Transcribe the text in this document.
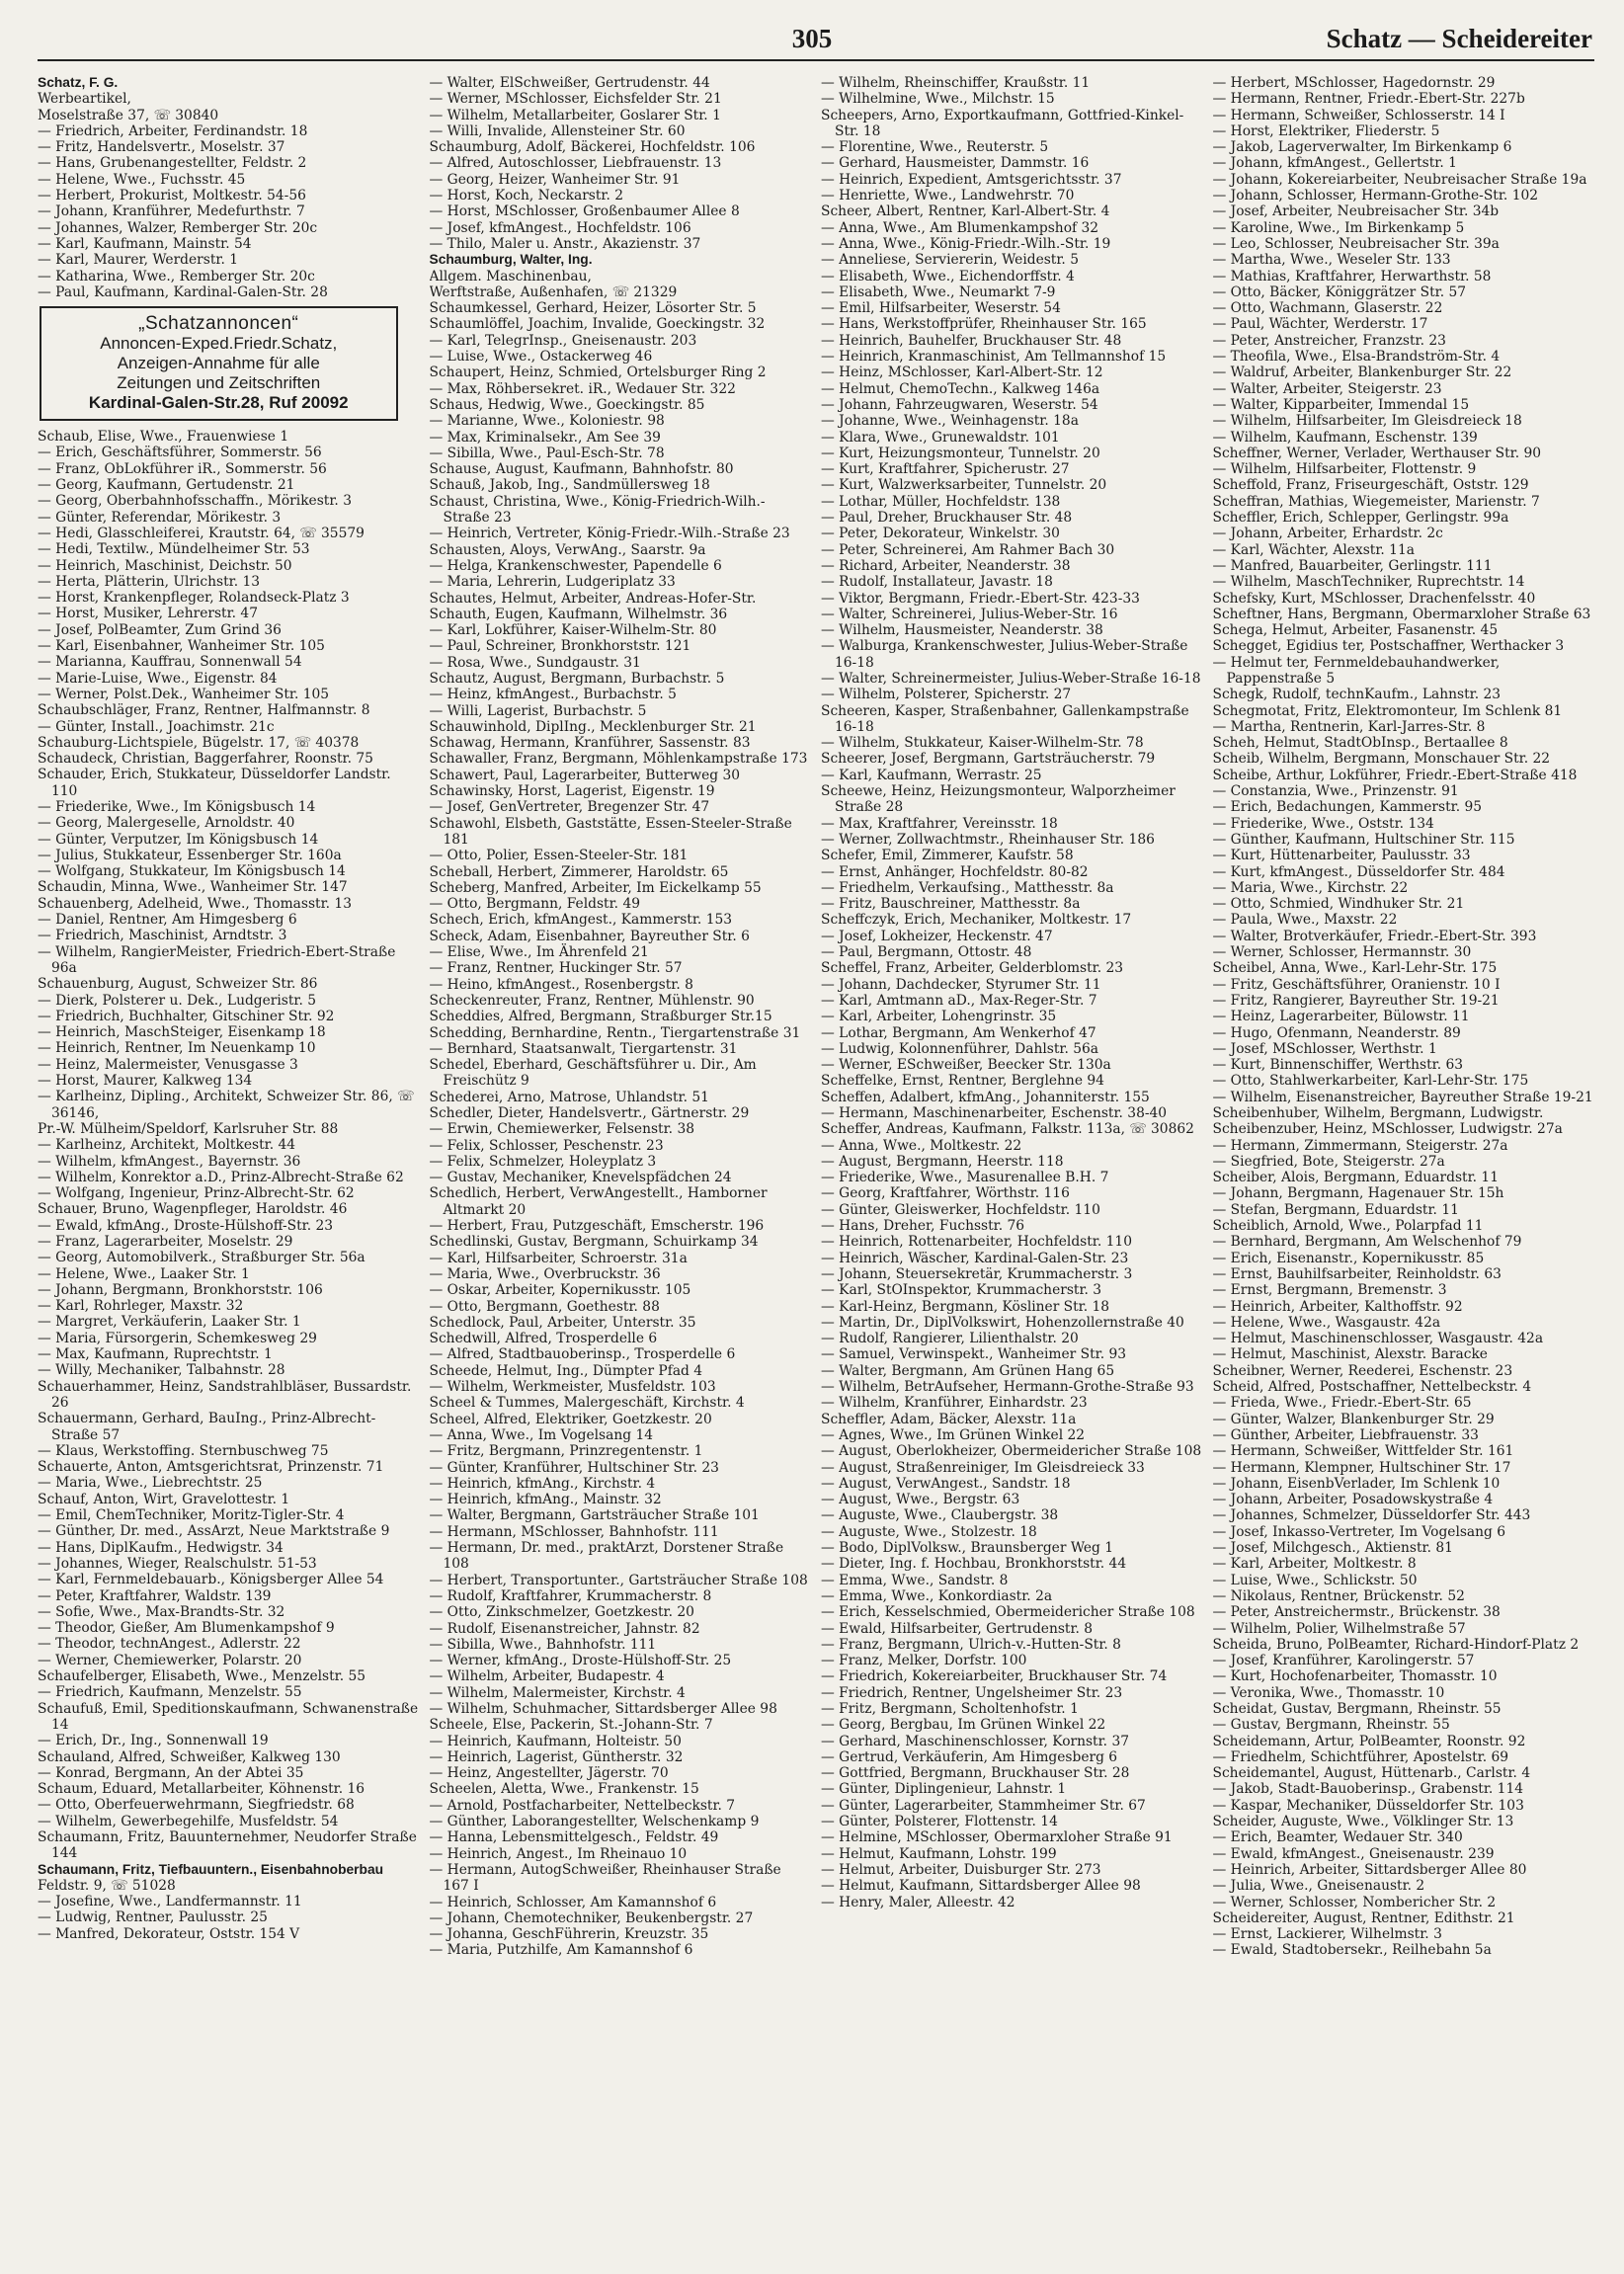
305	Schatz — Scheidereiter
Schatz, F. G.
Werbeartikel,
Moselstraße 37, ☏ 30840
— Friedrich, Arbeiter, Ferdinandstr. 18
— Fritz, Handelsvertr., Moselstr. 37
— Hans, Grubenangestellter, Feldstr. 2
— Helene, Wwe., Fuchsstr. 45
— Herbert, Prokurist, Moltkestr. 54-56
— Johann, Kranführer, Medefurthstr. 7
— Johannes, Walzer, Remberger Str. 20c
— Karl, Kaufmann, Mainstr. 54
— Karl, Maurer, Werderstr. 1
— Katharina, Wwe., Remberger Str. 20c
— Paul, Kaufmann, Kardinal-Galen-Str. 28
„Schatzannoncen“
Annoncen-Exped.Friedr.Schatz,
Anzeigen-Annahme für alle
Zeitungen und Zeitschriften
Kardinal-Galen-Str.28, Ruf 20092
Schaub, Elise, Wwe., Frauenwiese 1
— Erich, Geschäftsführer, Sommerstr. 56
— Franz, ObLokführer iR., Sommerstr. 56
— Georg, Kaufmann, Gertudenstr. 21
— Georg, Oberbahnhofsschaffn., Mörikestr. 3
— Günter, Referendar, Mörikestr. 3
— Hedi, Glasschleiferei, Krautstr. 64, ☏ 35579
— Hedi, Textilw., Mündelheimer Str. 53
— Heinrich, Maschinist, Deichstr. 50
— Herta, Plätterin, Ulrichstr. 13
— Horst, Krankenpfleger, Rolandseck-Platz 3
— Horst, Musiker, Lehrerstr. 47
— Josef, PolBeamter, Zum Grind 36
— Karl, Eisenbahner, Wanheimer Str. 105
— Marianna, Kauffrau, Sonnenwall 54
— Marie-Luise, Wwe., Eigenstr. 84
— Werner, Polst.Dek., Wanheimer Str. 105
Schaubschläger, Franz, Rentner, Halfmannstr. 8
— Günter, Install., Joachimstr. 21c
Schauburg-Lichtspiele, Bügelstr. 17, ☏ 40378
Schaudeck, Christian, Baggerfahrer, Roonstr. 75
Schauder, Erich, Stukkateur, Düsseldorfer Landstr. 110
— Friederike, Wwe., Im Königsbusch 14
— Georg, Malergeselle, Arnoldstr. 40
— Günter, Verputzer, Im Königsbusch 14
— Julius, Stukkateur, Essenberger Str. 160a
— Wolfgang, Stukkateur, Im Königsbusch 14
Schaudin, Minna, Wwe., Wanheimer Str. 147
Schauenberg, Adelheid, Wwe., Thomasstr. 13
— Daniel, Rentner, Am Himgesberg 6
— Friedrich, Maschinist, Arndtstr. 3
— Wilhelm, RangierMeister, Friedrich-Ebert-Straße 96a
Schauenburg, August, Schweizer Str. 86
— Dierk, Polsterer u. Dek., Ludgeristr. 5
— Friedrich, Buchhalter, Gitschiner Str. 92
— Heinrich, MaschSteiger, Eisenkamp 18
— Heinrich, Rentner, Im Neuenkamp 10
— Heinz, Malermeister, Venusgasse 3
— Horst, Maurer, Kalkweg 134
— Karlheinz, Dipling., Architekt, Schweizer Str. 86, ☏ 36146,
Pr.-W. Mülheim/Speldorf, Karlsruher Str. 88
— Karlheinz, Architekt, Moltkestr. 44
— Wilhelm, kfmAngest., Bayernstr. 36
— Wilhelm, Konrektor a.D., Prinz-Albrecht-Straße 62
— Wolfgang, Ingenieur, Prinz-Albrecht-Str. 62
Schauer, Bruno, Wagenpfleger, Haroldstr. 46
— Ewald, kfmAng., Droste-Hülshoff-Str. 23
— Franz, Lagerarbeiter, Moselstr. 29
— Georg, Automobilverk., Straßburger Str. 56a
— Helene, Wwe., Laaker Str. 1
— Johann, Bergmann, Bronkhorststr. 106
— Karl, Rohrleger, Maxstr. 32
— Margret, Verkäuferin, Laaker Str. 1
— Maria, Fürsorgerin, Schemkesweg 29
— Max, Kaufmann, Ruprechtstr. 1
— Willy, Mechaniker, Talbahnstr. 28
Schauerhammer, Heinz, Sandstrahlbläser, Bussardstr. 26
Schauermann, Gerhard, BauIng., Prinz-Albrecht-Straße 57
— Klaus, Werkstoffing. Sternbuschweg 75
Schauerte, Anton, Amtsgerichtsrat, Prinzenstr. 71
— Maria, Wwe., Liebrechtstr. 25
Schauf, Anton, Wirt, Gravelottestr. 1
— Emil, ChemTechniker, Moritz-Tigler-Str. 4
— Günther, Dr. med., AssArzt, Neue Marktstraße 9
— Hans, DiplKaufm., Hedwigstr. 34
— Johannes, Wieger, Realschulstr. 51-53
— Karl, Fernmeldebauarb., Königsberger Allee 54
— Peter, Kraftfahrer, Waldstr. 139
— Sofie, Wwe., Max-Brandts-Str. 32
— Theodor, Gießer, Am Blumenkampshof 9
— Theodor, technAngest., Adlerstr. 22
— Werner, Chemiewerker, Polarstr. 20
Schaufelberger, Elisabeth, Wwe., Menzelstr. 55
— Friedrich, Kaufmann, Menzelstr. 55
Schaufuß, Emil, Speditionskaufmann, Schwanenstraße 14
— Erich, Dr., Ing., Sonnenwall 19
Schauland, Alfred, Schweißer, Kalkweg 130
— Konrad, Bergmann, An der Abtei 35
Schaum, Eduard, Metallarbeiter, Köhnenstr. 16
— Otto, Oberfeuerwehrmann, Siegfriedstr. 68
— Wilhelm, Gewerbegehilfe, Musfeldstr. 54
Schaumann, Fritz, Bauunternehmer, Neudorfer Straße 144
Schaumann, Fritz, Tiefbauuntern., Eisenbahnoberbau
Feldstr. 9, ☏ 51028
— Josefine, Wwe., Landfermannstr. 11
— Ludwig, Rentner, Paulusstr. 25
— Manfred, Dekorateur, Oststr. 154 V
— Walter, ElSchweißer, Gertrudenstr. 44
— Werner, MSchlosser, Eichsfelder Str. 21
— Wilhelm, Metallarbeiter, Goslarer Str. 1
— Willi, Invalide, Allensteiner Str. 60
Schaumburg, Adolf, Bäckerei, Hochfeldstr. 106
— Alfred, Autoschlosser, Liebfrauenstr. 13
— Georg, Heizer, Wanheimer Str. 91
— Horst, Koch, Neckarstr. 2
— Horst, MSchlosser, Großenbaumer Allee 8
— Josef, kfmAngest., Hochfeldstr. 106
— Thilo, Maler u. Anstr., Akazienstr. 37
Schaumburg, Walter, Ing.
Allgem. Maschinenbau,
Werftstraße, Außenhafen, ☏ 21329
Schaumkessel, Gerhard, Heizer, Lösorter Str. 5
Schaumlöffel, Joachim, Invalide, Goeckingstr. 32
— Karl, TelegrInsp., Gneisenaustr. 203
— Luise, Wwe., Ostackerweg 46
Schaupert, Heinz, Schmied, Ortelsburger Ring 2
— Max, Röhbersekret. iR., Wedauer Str. 322
Schaus, Hedwig, Wwe., Goeckingstr. 85
— Marianne, Wwe., Koloniestr. 98
— Max, Kriminalsekr., Am See 39
— Sibilla, Wwe., Paul-Esch-Str. 78
Schause, August, Kaufmann, Bahnhofstr. 80
Schauß, Jakob, Ing., Sandmüllersweg 18
Schaust, Christina, Wwe., König-Friedrich-Wilh.-Straße 23
— Heinrich, Vertreter, König-Friedr.-Wilh.-Straße 23
Schausten, Aloys, VerwAng., Saarstr. 9a
— Helga, Krankenschwester, Papendelle 6
— Maria, Lehrerin, Ludgeriplatz 33
Schautes, Helmut, Arbeiter, Andreas-Hofer-Str.
Schauth, Eugen, Kaufmann, Wilhelmstr. 36
— Karl, Lokführer, Kaiser-Wilhelm-Str. 80
— Paul, Schreiner, Bronkhorststr. 121
— Rosa, Wwe., Sundgaustr. 31
Schautz, August, Bergmann, Burbachstr. 5
— Heinz, kfmAngest., Burbachstr. 5
— Willi, Lagerist, Burbachstr. 5
Schauwinhold, DiplIng., Mecklenburger Str. 21
Schawag, Hermann, Kranführer, Sassenstr. 83
Schawaller, Franz, Bergmann, Möhlenkampstraße 173
Schawert, Paul, Lagerarbeiter, Butterweg 30
Schawinsky, Horst, Lagerist, Eigenstr. 19
— Josef, GenVertreter, Bregenzer Str. 47
Schawohl, Elsbeth, Gaststätte, Essen-Steeler-Straße 181
— Otto, Polier, Essen-Steeler-Str. 181
Scheball, Herbert, Zimmerer, Haroldstr. 65
Scheberg, Manfred, Arbeiter, Im Eickelkamp 55
— Otto, Bergmann, Feldstr. 49
Schech, Erich, kfmAngest., Kammerstr. 153
Scheck, Adam, Eisenbahner, Bayreuther Str. 6
— Elise, Wwe., Im Ährenfeld 21
— Franz, Rentner, Huckinger Str. 57
— Heino, kfmAngest., Rosenbergstr. 8
Scheckenreuter, Franz, Rentner, Mühlenstr. 90
Scheddies, Alfred, Bergmann, Straßburger Str.15
Schedding, Bernhardine, Rentn., Tiergartenstraße 31
— Bernhard, Staatsanwalt, Tiergartenstr. 31
Schedel, Eberhard, Geschäftsführer u. Dir., Am Freischütz 9
Schederei, Arno, Matrose, Uhlandstr. 51
Schedler, Dieter, Handelsvertr., Gärtnerstr. 29
— Erwin, Chemiewerker, Felsenstr. 38
— Felix, Schlosser, Peschenstr. 23
— Felix, Schmelzer, Holeyplatz 3
— Gustav, Mechaniker, Knevelspfädchen 24
Schedlich, Herbert, VerwAngestellt., Hamborner Altmarkt 20
— Herbert, Frau, Putzgeschäft, Emscherstr. 196
Schedlinski, Gustav, Bergmann, Schuirkamp 34
— Karl, Hilfsarbeiter, Schroerstr. 31a
— Maria, Wwe., Overbruckstr. 36
— Oskar, Arbeiter, Kopernikusstr. 105
— Otto, Bergmann, Goethestr. 88
Schedlock, Paul, Arbeiter, Unterstr. 35
Schedwill, Alfred, Trosperdelle 6
— Alfred, Stadtbauoberinsp., Trosperdelle 6
Scheede, Helmut, Ing., Dümpter Pfad 4
— Wilhelm, Werkmeister, Musfeldstr. 103
Scheel & Tummes, Malergeschäft, Kirchstr. 4
Scheel, Alfred, Elektriker, Goetzkestr. 20
— Anna, Wwe., Im Vogelsang 14
— Fritz, Bergmann, Prinzregentenstr. 1
— Günter, Kranführer, Hultschiner Str. 23
— Heinrich, kfmAng., Kirchstr. 4
— Heinrich, kfmAng., Mainstr. 32
— Walter, Bergmann, Gartsträucher Straße 101
— Hermann, MSchlosser, Bahnhofstr. 111
— Hermann, Dr. med., praktArzt, Dorstener Straße 108
— Herbert, Transportunter., Gartsträucher Straße 108
— Rudolf, Kraftfahrer, Krummacherstr. 8
— Otto, Zinkschmelzer, Goetzkestr. 20
— Rudolf, Eisenanstreicher, Jahnstr. 82
— Sibilla, Wwe., Bahnhofstr. 111
— Werner, kfmAng., Droste-Hülshoff-Str. 25
— Wilhelm, Arbeiter, Budapestr. 4
— Wilhelm, Malermeister, Kirchstr. 4
— Wilhelm, Schuhmacher, Sittardsberger Allee 98
Scheele, Else, Packerin, St.-Johann-Str. 7
— Heinrich, Kaufmann, Holteistr. 50
— Heinrich, Lagerist, Güntherstr. 32
— Heinz, Angestellter, Jägerstr. 70
Scheelen, Aletta, Wwe., Frankenstr. 15
— Arnold, Postfacharbeiter, Nettelbeckstr. 7
— Günther, Laborangestellter, Welschenkamp 9
— Hanna, Lebensmittelgesch., Feldstr. 49
— Heinrich, Angest., Im Rheinauo 10
— Hermann, AutogSchweißer, Rheinhauser Straße 167 I
— Heinrich, Schlosser, Am Kamannshof 6
— Johann, Chemotechniker, Beukenbergstr. 27
— Johanna, GeschFührerin, Kreuzstr. 35
— Maria, Putzhilfe, Am Kamannshof 6
— Wilhelm, Rheinschiffer, Kraußstr. 11
— Wilhelmine, Wwe., Milchstr. 15
Scheepers, Arno, Exportkaufmann, Gottfried-Kinkel-Str. 18
— Florentine, Wwe., Reuterstr. 5
— Gerhard, Hausmeister, Dammstr. 16
— Heinrich, Expedient, Amtsgerichtsstr. 37
— Henriette, Wwe., Landwehrstr. 70
Scheer, Albert, Rentner, Karl-Albert-Str. 4
— Anna, Wwe., Am Blumenkampshof 32
— Anna, Wwe., König-Friedr.-Wilh.-Str. 19
— Anneliese, Serviererin, Weidestr. 5
— Elisabeth, Wwe., Eichendorffstr. 4
— Elisabeth, Wwe., Neumarkt 7-9
— Emil, Hilfsarbeiter, Weserstr. 54
— Hans, Werkstoffprüfer, Rheinhauser Str. 165
— Heinrich, Bauhelfer, Bruckhauser Str. 48
— Heinrich, Kranmaschinist, Am Tellmannshof 15
— Heinz, MSchlosser, Karl-Albert-Str. 12
— Helmut, ChemoTechn., Kalkweg 146a
— Johann, Fahrzeugwaren, Weserstr. 54
— Johanne, Wwe., Weinhagenstr. 18a
— Klara, Wwe., Grunewaldstr. 101
— Kurt, Heizungsmonteur, Tunnelstr. 20
— Kurt, Kraftfahrer, Spicherustr. 27
— Kurt, Walzwerksarbeiter, Tunnelstr. 20
— Lothar, Müller, Hochfeldstr. 138
— Paul, Dreher, Bruckhauser Str. 48
— Peter, Dekorateur, Winkelstr. 30
— Peter, Schreinerei, Am Rahmer Bach 30
— Richard, Arbeiter, Neanderstr. 38
— Rudolf, Installateur, Javastr. 18
— Viktor, Bergmann, Friedr.-Ebert-Str. 423-33
— Walter, Schreinerei, Julius-Weber-Str. 16
— Wilhelm, Hausmeister, Neanderstr. 38
— Walburga, Krankenschwester, Julius-Weber-Straße 16-18
— Walter, Schreinermeister, Julius-Weber-Straße 16-18
— Wilhelm, Polsterer, Spicherstr. 27
Scheeren, Kasper, Straßenbahner, Gallenkampstraße 16-18
— Wilhelm, Stukkateur, Kaiser-Wilhelm-Str. 78
Scheerer, Josef, Bergmann, Gartsträucherstr. 79
— Karl, Kaufmann, Werrastr. 25
Scheewe, Heinz, Heizungsmonteur, Walporzheimer Straße 28
— Max, Kraftfahrer, Vereinsstr. 18
— Werner, Zollwachtmstr., Rheinhauser Str. 186
Schefer, Emil, Zimmerer, Kaufstr. 58
— Ernst, Anhänger, Hochfeldstr. 80-82
— Friedhelm, Verkaufsing., Matthesstr. 8a
— Fritz, Bauschreiner, Matthesstr. 8a
Scheffczyk, Erich, Mechaniker, Moltkestr. 17
— Josef, Lokheizer, Heckenstr. 47
— Paul, Bergmann, Ottostr. 48
Scheffel, Franz, Arbeiter, Gelderblomstr. 23
— Johann, Dachdecker, Styrumer Str. 11
— Karl, Amtmann aD., Max-Reger-Str. 7
— Karl, Arbeiter, Lohengrinstr. 35
— Lothar, Bergmann, Am Wenkerhof 47
— Ludwig, Kolonnenführer, Dahlstr. 56a
— Werner, ESchweißer, Beecker Str. 130a
Scheffelke, Ernst, Rentner, Berglehne 94
Scheffen, Adalbert, kfmAng., Johanniterstr. 155
— Hermann, Maschinenarbeiter, Eschenstr. 38-40
Scheffer, Andreas, Kaufmann, Falkstr. 113a, ☏ 30862
— Anna, Wwe., Moltkestr. 22
— August, Bergmann, Heerstr. 118
— Friederike, Wwe., Masurenallee B.H. 7
— Georg, Kraftfahrer, Wörthstr. 116
— Günter, Gleiswerker, Hochfeldstr. 110
— Hans, Dreher, Fuchsstr. 76
— Heinrich, Rottenarbeiter, Hochfeldstr. 110
— Heinrich, Wäscher, Kardinal-Galen-Str. 23
— Johann, Steuersekretär, Krummacherstr. 3
— Karl, StOInspektor, Krummacherstr. 3
— Karl-Heinz, Bergmann, Kösliner Str. 18
— Martin, Dr., DiplVolkswirt, Hohenzollernstraße 40
— Rudolf, Rangierer, Lilienthalstr. 20
— Samuel, Verwinspekt., Wanheimer Str. 93
— Walter, Bergmann, Am Grünen Hang 65
— Wilhelm, BetrAufseher, Hermann-Grothe-Straße 93
— Wilhelm, Kranführer, Einhardstr. 23
Scheffler, Adam, Bäcker, Alexstr. 11a
— Agnes, Wwe., Im Grünen Winkel 22
— August, Oberlokheizer, Obermeidericher Straße 108
— August, Straßenreiniger, Im Gleisdreieck 33
— August, VerwAngest., Sandstr. 18
— August, Wwe., Bergstr. 63
— Auguste, Wwe., Claubergstr. 38
— Auguste, Wwe., Stolzestr. 18
— Bodo, DiplVolksw., Braunsberger Weg 1
— Dieter, Ing. f. Hochbau, Bronkhorststr. 44
— Emma, Wwe., Sandstr. 8
— Emma, Wwe., Konkordiastr. 2a
— Erich, Kesselschmied, Obermeidericher Straße 108
— Ewald, Hilfsarbeiter, Gertrudenstr. 8
— Franz, Bergmann, Ulrich-v.-Hutten-Str. 8
— Franz, Melker, Dorfstr. 100
— Friedrich, Kokereiarbeiter, Bruckhauser Str. 74
— Friedrich, Rentner, Ungelsheimer Str. 23
— Fritz, Bergmann, Scholtenhofstr. 1
— Georg, Bergbau, Im Grünen Winkel 22
— Gerhard, Maschinenschlosser, Kornstr. 37
— Gertrud, Verkäuferin, Am Himgesberg 6
— Gottfried, Bergmann, Bruckhauser Str. 28
— Günter, Diplingenieur, Lahnstr. 1
— Günter, Lagerarbeiter, Stammheimer Str. 67
— Günter, Polsterer, Flottenstr. 14
— Helmine, MSchlosser, Obermarxloher Straße 91
— Helmut, Kaufmann, Lohstr. 199
— Helmut, Arbeiter, Duisburger Str. 273
— Helmut, Kaufmann, Sittardsberger Allee 98
— Henry, Maler, Alleestr. 42
— Herbert, MSchlosser, Hagedornstr. 29
— Hermann, Rentner, Friedr.-Ebert-Str. 227b
— Hermann, Schweißer, Schlosserstr. 14 I
— Horst, Elektriker, Fliederstr. 5
— Jakob, Lagerverwalter, Im Birkenkamp 6
— Johann, kfmAngest., Gellertstr. 1
— Johann, Kokereiarbeiter, Neubreisacher Straße 19a
— Johann, Schlosser, Hermann-Grothe-Str. 102
— Josef, Arbeiter, Neubreisacher Str. 34b
— Karoline, Wwe., Im Birkenkamp 5
— Leo, Schlosser, Neubreisacher Str. 39a
— Martha, Wwe., Weseler Str. 133
— Mathias, Kraftfahrer, Herwarthstr. 58
— Otto, Bäcker, Königgrätzer Str. 57
— Otto, Wachmann, Glaserstr. 22
— Paul, Wächter, Werderstr. 17
— Peter, Anstreicher, Franzstr. 23
— Theofila, Wwe., Elsa-Brandström-Str. 4
— Waldruf, Arbeiter, Blankenburger Str. 22
— Walter, Arbeiter, Steigerstr. 23
— Walter, Kipparbeiter, Immendal 15
— Wilhelm, Hilfsarbeiter, Im Gleisdreieck 18
— Wilhelm, Kaufmann, Eschenstr. 139
Scheffner, Werner, Verlader, Werthauser Str. 90
— Wilhelm, Hilfsarbeiter, Flottenstr. 9
Scheffold, Franz, Friseurgeschäft, Oststr. 129
Scheffran, Mathias, Wiegemeister, Marienstr. 7
Scheffler, Erich, Schlepper, Gerlingstr. 99a
— Johann, Arbeiter, Erhardstr. 2c
— Karl, Wächter, Alexstr. 11a
— Manfred, Bauarbeiter, Gerlingstr. 111
— Wilhelm, MaschTechniker, Ruprechtstr. 14
Schefsky, Kurt, MSchlosser, Drachenfelsstr. 40
Scheftner, Hans, Bergmann, Obermarxloher Straße 63
Schega, Helmut, Arbeiter, Fasanenstr. 45
Schegget, Egidius ter, Postschaffner, Werthacker 3
— Helmut ter, Fernmeldebauhandwerker, Pappenstraße 5
Schegk, Rudolf, technKaufm., Lahnstr. 23
Schegmotat, Fritz, Elektromonteur, Im Schlenk 81
— Martha, Rentnerin, Karl-Jarres-Str. 8
Scheh, Helmut, StadtObInsp., Bertaallee 8
Scheib, Wilhelm, Bergmann, Monschauer Str. 22
Scheibe, Arthur, Lokführer, Friedr.-Ebert-Straße 418
— Constanzia, Wwe., Prinzenstr. 91
— Erich, Bedachungen, Kammerstr. 95
— Friederike, Wwe., Oststr. 134
— Günther, Kaufmann, Hultschiner Str. 115
— Kurt, Hüttenarbeiter, Paulusstr. 33
— Kurt, kfmAngest., Düsseldorfer Str. 484
— Maria, Wwe., Kirchstr. 22
— Otto, Schmied, Windhuker Str. 21
— Paula, Wwe., Maxstr. 22
— Walter, Brotverkäufer, Friedr.-Ebert-Str. 393
— Werner, Schlosser, Hermannstr. 30
Scheibel, Anna, Wwe., Karl-Lehr-Str. 175
— Fritz, Geschäftsführer, Oranienstr. 10 I
— Fritz, Rangierer, Bayreuther Str. 19-21
— Heinz, Lagerarbeiter, Bülowstr. 11
— Hugo, Ofenmann, Neanderstr. 89
— Josef, MSchlosser, Werthstr. 1
— Kurt, Binnenschiffer, Werthstr. 63
— Otto, Stahlwerkarbeiter, Karl-Lehr-Str. 175
— Wilhelm, Eisenanstreicher, Bayreuther Straße 19-21
Scheibenhuber, Wilhelm, Bergmann, Ludwigstr.
Scheibenzuber, Heinz, MSchlosser, Ludwigstr. 27a
— Hermann, Zimmermann, Steigerstr. 27a
— Siegfried, Bote, Steigerstr. 27a
Scheiber, Alois, Bergmann, Eduardstr. 11
— Johann, Bergmann, Hagenauer Str. 15h
— Stefan, Bergmann, Eduardstr. 11
Scheiblich, Arnold, Wwe., Polarpfad 11
— Bernhard, Bergmann, Am Welschenhof 79
— Erich, Eisenanstr., Kopernikusstr. 85
— Ernst, Bauhilfsarbeiter, Reinholdstr. 63
— Ernst, Bergmann, Bremenstr. 3
— Heinrich, Arbeiter, Kalthoffstr. 92
— Helene, Wwe., Wasgaustr. 42a
— Helmut, Maschinenschlosser, Wasgaustr. 42a
— Helmut, Maschinist, Alexstr. Baracke
Scheibner, Werner, Reederei, Eschenstr. 23
Scheid, Alfred, Postschaffner, Nettelbeckstr. 4
— Frieda, Wwe., Friedr.-Ebert-Str. 65
— Günter, Walzer, Blankenburger Str. 29
— Günther, Arbeiter, Liebfrauenstr. 33
— Hermann, Schweißer, Wittfelder Str. 161
— Hermann, Klempner, Hultschiner Str. 17
— Johann, EisenbVerlader, Im Schlenk 10
— Johann, Arbeiter, Posadowskystraße 4
— Johannes, Schmelzer, Düsseldorfer Str. 443
— Josef, Inkasso-Vertreter, Im Vogelsang 6
— Josef, Milchgesch., Aktienstr. 81
— Karl, Arbeiter, Moltkestr. 8
— Luise, Wwe., Schlickstr. 50
— Nikolaus, Rentner, Brückenstr. 52
— Peter, Anstreichermstr., Brückenstr. 38
— Wilhelm, Polier, Wilhelmstraße 57
Scheida, Bruno, PolBeamter, Richard-Hindorf-Platz 2
— Josef, Kranführer, Karolingerstr. 57
— Kurt, Hochofenarbeiter, Thomasstr. 10
— Veronika, Wwe., Thomasstr. 10
Scheidat, Gustav, Bergmann, Rheinstr. 55
— Gustav, Bergmann, Rheinstr. 55
Scheidemann, Artur, PolBeamter, Roonstr. 92
— Friedhelm, Schichtführer, Apostelstr. 69
Scheidemantel, August, Hüttenarb., Carlstr. 4
— Jakob, Stadt-Bauoberinsp., Grabenstr. 114
— Kaspar, Mechaniker, Düsseldorfer Str. 103
Scheider, Auguste, Wwe., Völklinger Str. 13
— Erich, Beamter, Wedauer Str. 340
— Ewald, kfmAngest., Gneisenaustr. 239
— Heinrich, Arbeiter, Sittardsberger Allee 80
— Julia, Wwe., Gneisenaustr. 2
— Werner, Schlosser, Nombericher Str. 2
Scheidereiter, August, Rentner, Edithstr. 21
— Ernst, Lackierer, Wilhelmstr. 3
— Ewald, Stadtobersekr., Reilhebahn 5a
